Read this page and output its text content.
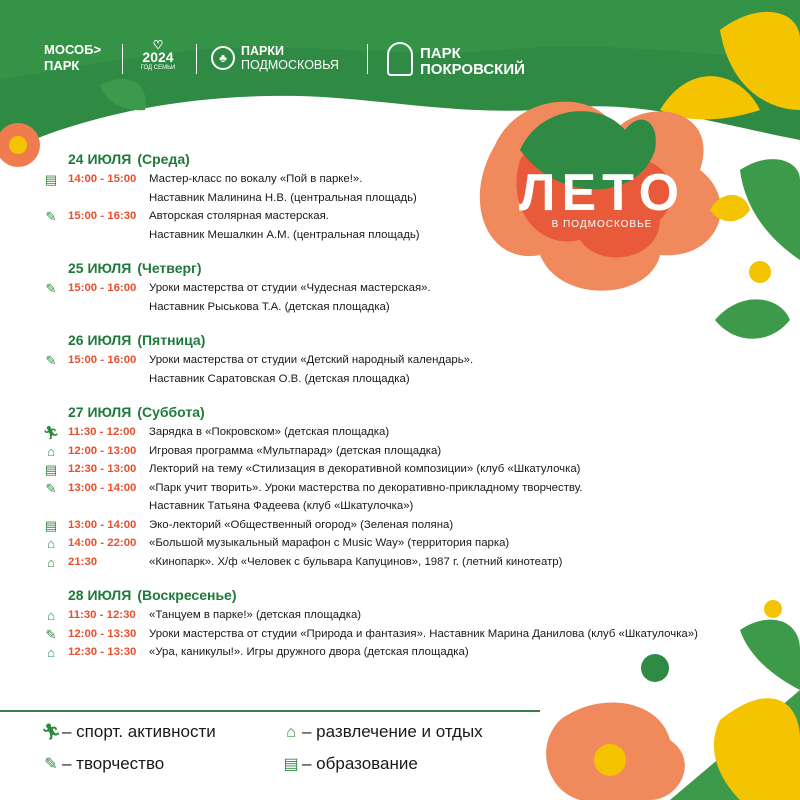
МОСОБ>
ПАРК
♡
2024
ГОД СЕМЬИ
♣	ПАРКИ
ПОДМОСКОВЬЯ
ПАРК
ПОКРОВСКИЙ
ЛЕТО
В ПОДМОСКОВЬЕ
24 ИЮЛЯ (Среда)
▤ 14:00 - 15:00 Мастер-класс по вокалу «Пой в парке!».
Наставник Малинина Н.В. (центральная площадь)
✎	15:00 - 16:30 Авторская столярная мастерская.
Наставник Мешалкин А.М. (центральная площадь)
25 ИЮЛЯ (Четверг)
✎	15:00 - 16:00 Уроки мастерства от студии «Чудесная мастерская».
Наставник Рыськова Т.А. (детская площадка)
26 ИЮЛЯ (Пятница)
✎	15:00 - 16:00 Уроки мастерства от студии «Детский народный календарь».
Наставник Саратовская О.В. (детская площадка)
27 ИЮЛЯ (Суббота)
🏃︎ 11:30 - 12:00 Зарядка в «Покровском» (детская площадка)
⌂	12:00 - 13:00 Игровая программа «Мультпарад» (детская площадка)
▤ 12:30 - 13:00 Лекторий на тему «Стилизация в декоративной композиции» (клуб «Шкатулочка)
✎	13:00 - 14:00 «Парк учит творить». Уроки мастерства по декоративно-прикладному творчеству.
Наставник Татьяна Фадеева (клуб «Шкатулочка»)
▤ 13:00 - 14:00 Эко-лекторий «Общественный огород» (Зеленая поляна)
⌂	14:00 - 22:00 «Большой музыкальный марафон с Music Way» (территория парка)
⌂	21:30	«Кинопарк». Х/ф «Человек с бульвара Капуцинов», 1987 г. (летний кинотеатр)
28 ИЮЛЯ (Воскресенье)
⌂	11:30 - 12:30 «Танцуем в парке!» (детская площадка)
✎	12:00 - 13:30 Уроки мастерства от студии «Природа и фантазия». Наставник Марина Данилова (клуб «Шкатулочка»)
⌂	12:30 - 13:30 «Ура, каникулы!». Игры дружного двора (детская площадка)
🏃︎– спорт. активности	⌂ – развлечение и отдых
✎ – творчество	▤ – образование
